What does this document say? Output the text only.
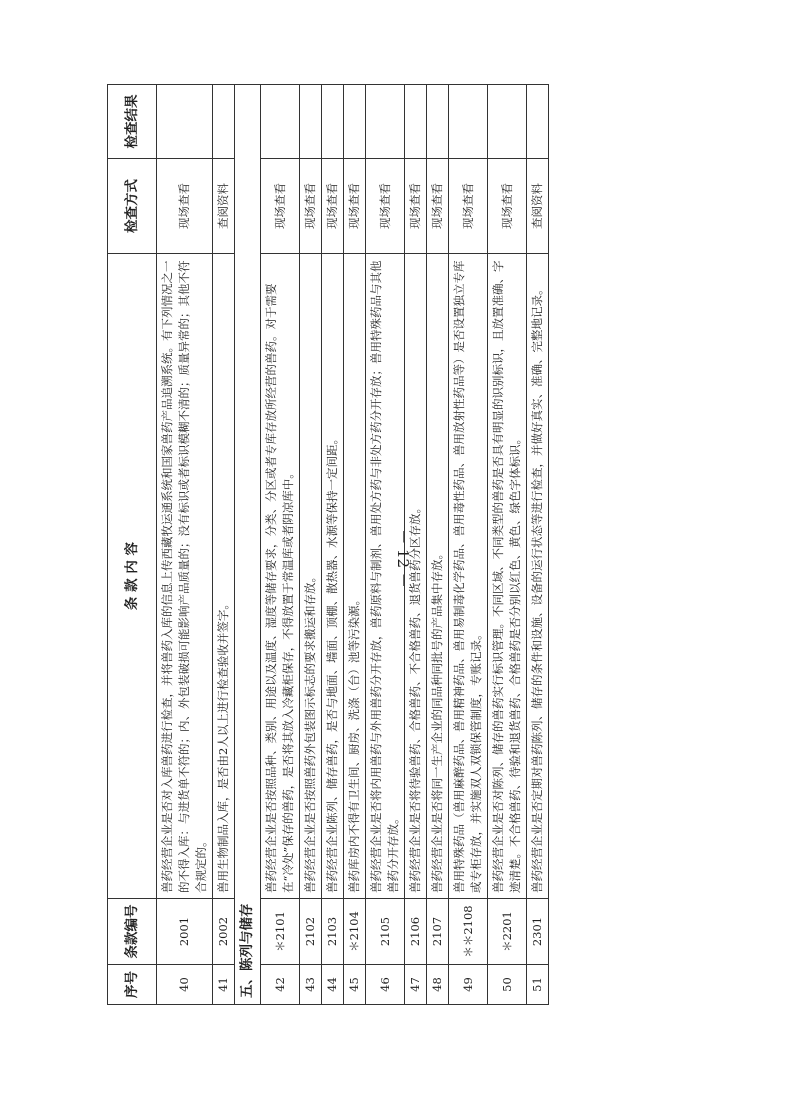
序号	条款编号	条 款 内 容	检查方式	检查结果
40	2001	兽药经营企业是否对入库兽药进行检查，并将兽药入库的信息上传西藏牧运通系统和国家兽药产品追溯系统。有下列情况之一的不得入库：与进货单不符的；内、外包装破损可能影响产品质量的；没有标识或者标识模糊不清的；质量异常的；其他不符合规定的。	现场查看	
41	2002	兽用生物制品入库，是否由2人以上进行检查验收并签字。	查阅资料	
五、陈列与储存				
42	＊2101	兽药经营企业是否按照品种、类别、用途以及温度、湿度等储存要求，分类、分区或者专库存放所经营的兽药。对于需要在“冷处”保存的兽药，是否将其放入冷藏柜保存，不得放置于常温库或者阴凉库中。	现场查看	
43	2102	兽药经营企业是否按照兽药外包装图示标志的要求搬运和存放。	现场查看	
44	2103	兽药经营企业陈列、储存兽药，是否与地面、墙面、顶棚、散热器、水源等保持一定间距。	现场查看	
45	＊2104	兽药库房内不得有卫生间、厨房、洗涤（台）池等污染源。	现场查看	
46	2105	兽药经营企业是否将内用兽药与外用兽药分开存放，兽药原料与制剂、兽用处方药与非处方药分开存放；兽用特殊药品与其他兽药分开存放。	现场查看	
47	2106	兽药经营企业是否将待验兽药、合格兽药、不合格兽药、退货兽药分区存放。	现场查看	
48	2107	兽药经营企业是否将同一生产企业的同品种同批号的产品集中存放。	现场查看	
49	＊＊2108	兽用特殊药品（兽用麻醉药品、兽用精神药品、兽用易制毒化学药品、兽用毒性药品、兽用放射性药品等）是否设置独立专库或专柜存放，并实施双人双锁保管制度，专账记录。	现场查看	
50	＊2201	兽药经营企业是否对陈列、储存的兽药实行标识管理。不同区域、不同类型的兽药是否具有明显的识别标识，且放置准确、字迹清楚。不合格兽药、待验和退货兽药、合格兽药是否分别以红色、黄色、绿色字体标识。	现场查看	
51	2301	兽药经营企业是否定期对兽药陈列、储存的条件和设施、设备的运行状态等进行检查，并做好真实、准确、完整地记录。	查阅资料	
－ 12 －
